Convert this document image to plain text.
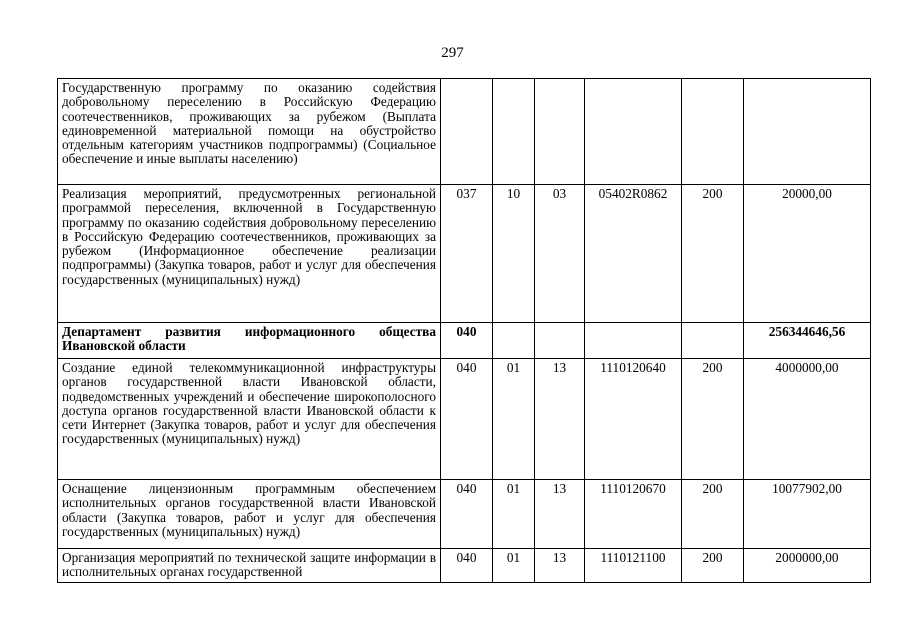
297
Государственную программу по оказанию содействия добровольному переселению в Российскую Федерацию соотечественников, проживающих за рубежом (Выплата единовременной материальной помощи на обустройство отдельным категориям участников подпрограммы) (Социальное обеспечение и иные выплаты населению)						
Реализация мероприятий, предусмотренных региональной программой переселения, включенной в Государственную программу по оказанию содействия добровольному переселению в Российскую Федерацию соотечественников, проживающих за рубежом (Информационное обеспечение реализации подпрограммы) (Закупка товаров, работ и услуг для обеспечения государственных (муниципальных) нужд)	037	10	03	05402R0862	200	20000,00
Департамент развития информационного общества Ивановской области	040					256344646,56
Создание единой телекоммуникационной инфраструктуры органов государственной власти Ивановской области, подведомственных учреждений и обеспечение широкополосного доступа органов государственной власти Ивановской области к сети Интернет (Закупка товаров, работ и услуг для обеспечения государственных (муниципальных) нужд)	040	01	13	1110120640	200	4000000,00
Оснащение лицензионным программным обеспечением исполнительных органов государственной власти Ивановской области (Закупка товаров, работ и услуг для обеспечения государственных (муниципальных) нужд)	040	01	13	1110120670	200	10077902,00
Организация мероприятий по технической защите информации в исполнительных органах государственной	040	01	13	1110121100	200	2000000,00
